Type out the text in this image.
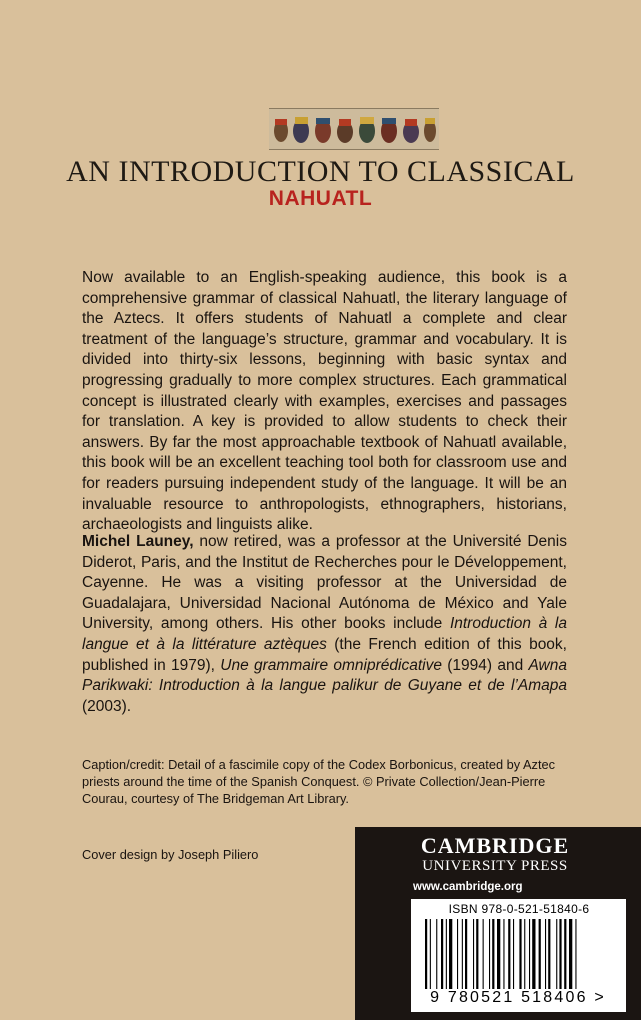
AN INTRODUCTION TO CLASSICAL
NAHUATL

Now available to an English-speaking audience, this book is a comprehensive grammar of classical Nahuatl, the literary language of the Aztecs. It offers students of Nahuatl a complete and clear treatment of the language’s structure, grammar and vocabulary. It is divided into thirty-six lessons, beginning with basic syntax and progressing gradually to more complex structures. Each grammatical concept is illustrated clearly with examples, exercises and passages for translation. A key is provided to allow students to check their answers. By far the most approachable textbook of Nahuatl available, this book will be an excellent teaching tool both for classroom use and for readers pursuing independent study of the language. It will be an invaluable resource to anthropologists, ethnographers, historians, archaeologists and linguists alike.

Michel Launey, now retired, was a professor at the Université Denis Diderot, Paris, and the Institut de Recherches pour le Développement, Cayenne. He was a visiting professor at the Universidad de Guadalajara, Universidad Nacional Autónoma de México and Yale University, among others. His other books include Introduction à la langue et à la littérature aztèques (the French edition of this book, published in 1979), Une grammaire omniprédicative (1994) and Awna Parikwaki: Introduction à la langue palikur de Guyane et de l’Amapa (2003).

Caption/credit: Detail of a fascimile copy of the Codex Borbonicus, created by Aztec priests around the time of the Spanish Conquest. © Private Collection/Jean-Pierre Courau, courtesy of The Bridgeman Art Library.

Cover design by Joseph Piliero	CAMBRIDGE

UNIVERSITY PRESS

www.cambridge.org

ISBN 978-0-521-51840-6

9 780521 518406 >
